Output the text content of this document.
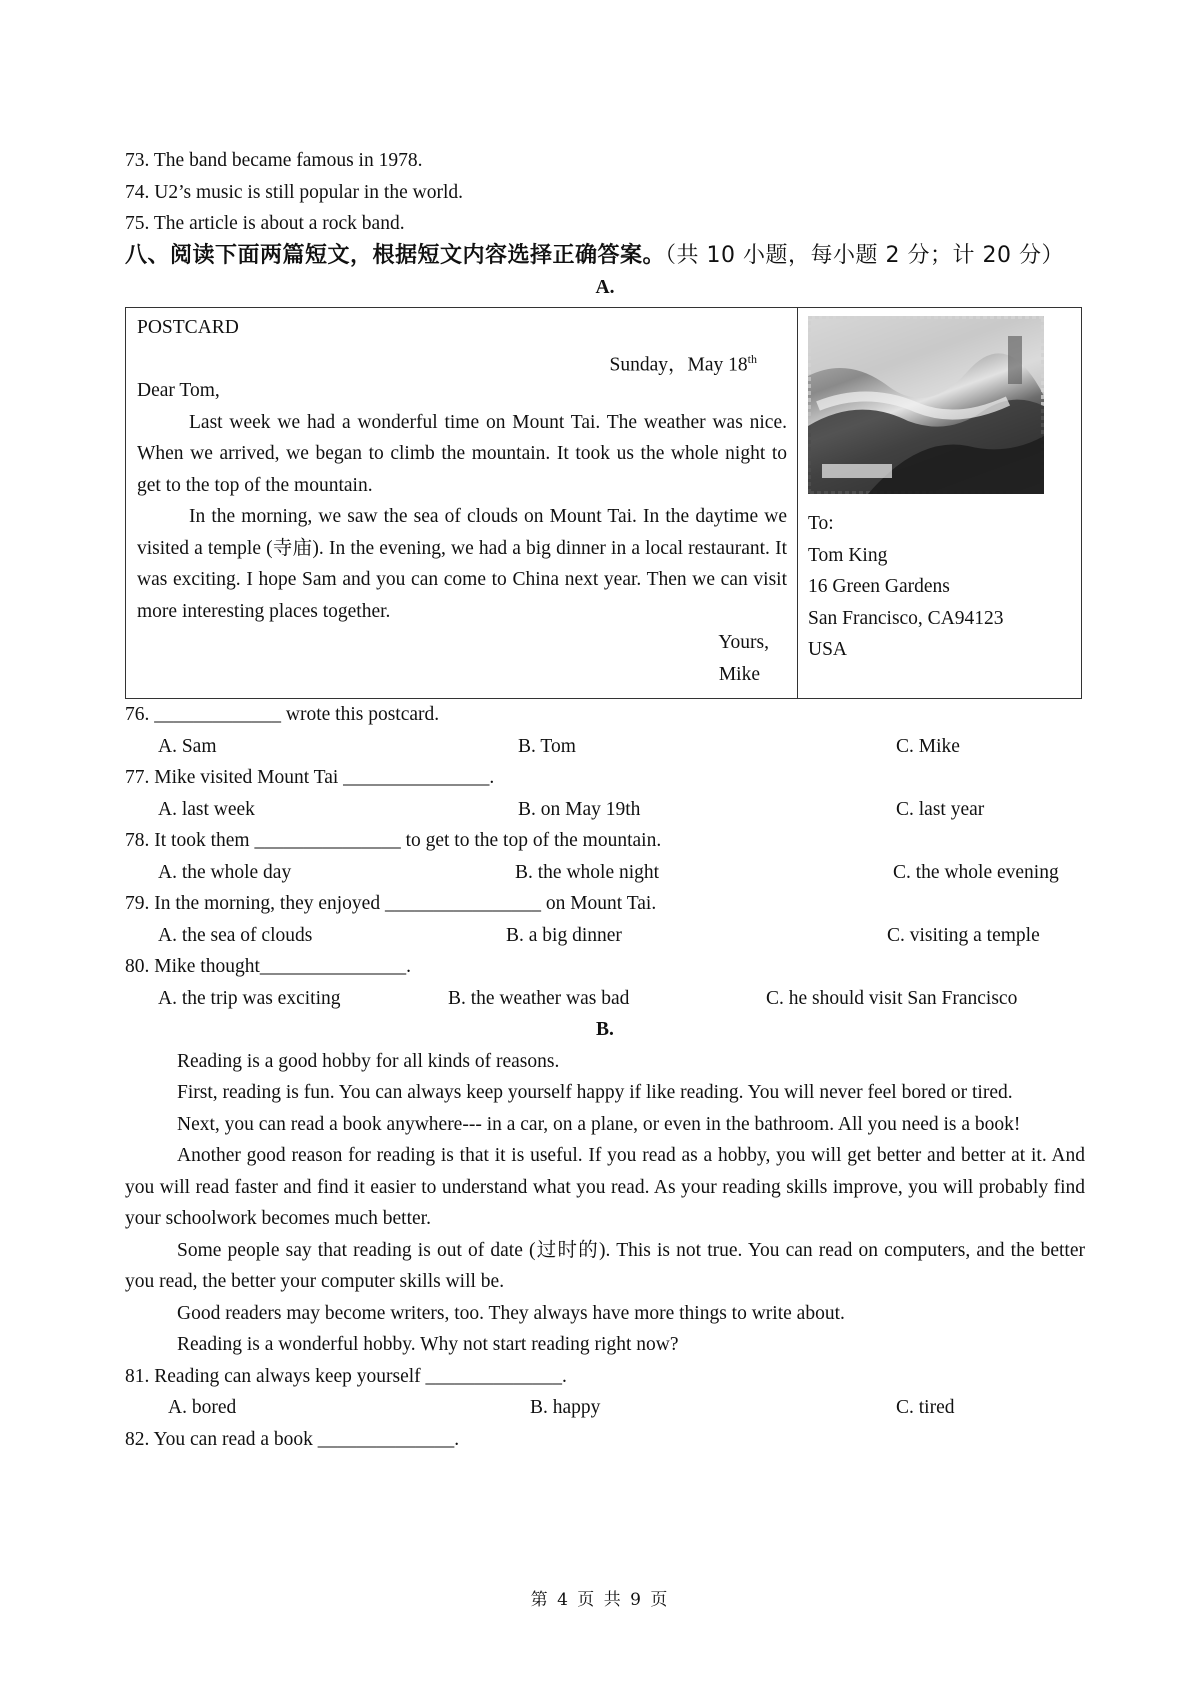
73. The band became famous in 1978.
74. U2’s music is still popular in the world.
75. The article is about a rock band.
八、阅读下面两篇短文，根据短文内容选择正确答案。（共 10 小题，每小题 2 分；计 20 分）
A.
POSTCARD
Sunday，May 18th
Dear Tom,

Last week we had a wonderful time on Mount Tai. The weather was nice. When we arrived, we began to climb the mountain. It took us the whole night to get to the top of the mountain.

In the morning, we saw the sea of clouds on Mount Tai. In the daytime we visited a temple (寺庙). In the evening, we had a big dinner in a local restaurant. It was exciting. I hope Sam and you can come to China next year. Then we can visit more interesting places together.

Yours,
Mike
To:
Tom King
16 Green Gardens
San Francisco, CA94123
USA
76. _____________ wrote this postcard.
A. Sam	B. Tom	C. Mike
77. Mike visited Mount Tai _______________.
A. last week	B. on May 19th	C. last year
78. It took them _______________ to get to the top of the mountain.
A. the whole day	B. the whole night	C. the whole evening
79. In the morning, they enjoyed ________________ on Mount Tai.
A. the sea of clouds	B. a big dinner	C. visiting a temple
80. Mike thought_______________.
A. the trip was exciting	B. the weather was bad	C. he should visit San Francisco
B.

Reading is a good hobby for all kinds of reasons.

First, reading is fun. You can always keep yourself happy if like reading. You will never feel bored or tired.

Next, you can read a book anywhere--- in a car, on a plane, or even in the bathroom. All you need is a book!

Another good reason for reading is that it is useful. If you read as a hobby, you will get better and better at it. And you will read faster and find it easier to understand what you read. As your reading skills improve, you will probably find your schoolwork becomes much better.

Some people say that reading is out of date (过时的). This is not true. You can read on computers, and the better you read, the better your computer skills will be.

Good readers may become writers, too. They always have more things to write about.

Reading is a wonderful hobby. Why not start reading right now?

81. Reading can always keep yourself ______________.
A. bored	B. happy	C. tired
82. You can read a book ______________.
第 4 页 共 9 页
